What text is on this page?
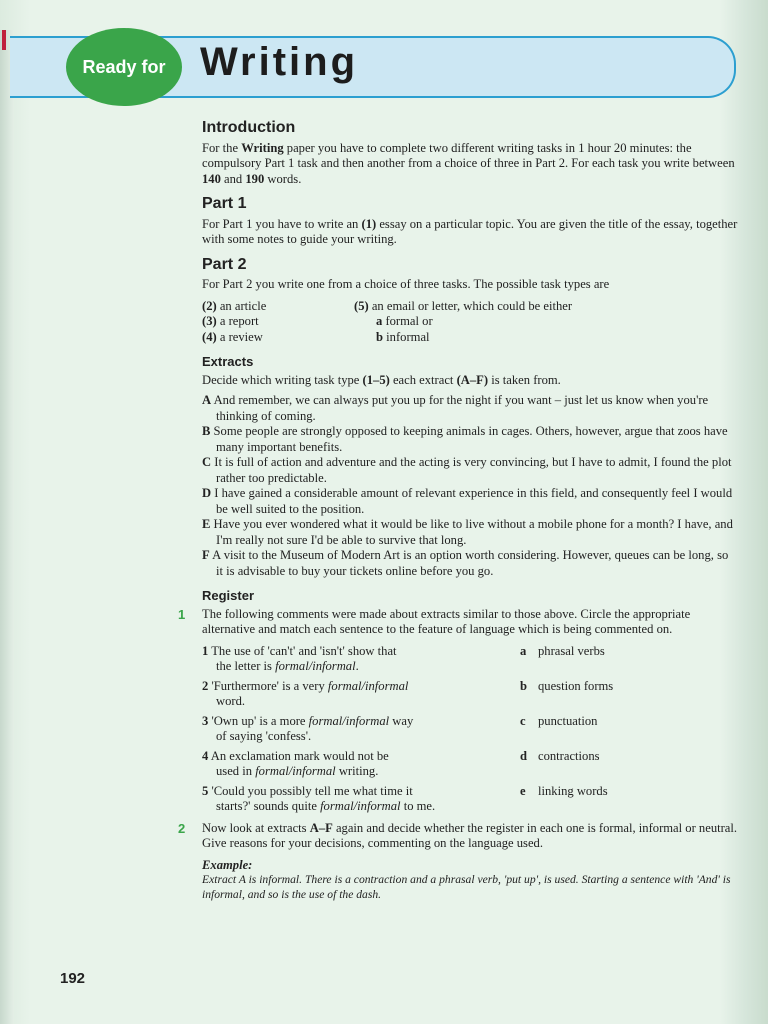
Ready for Writing
Introduction

For the Writing paper you have to complete two different writing tasks in 1 hour 20 minutes: the compulsory Part 1 task and then another from a choice of three in Part 2. For each task you write between 140 and 190 words.

Part 1

For Part 1 you have to write an (1) essay on a particular topic. You are given the title of the essay, together with some notes to guide your writing.

Part 2

For Part 2 you write one from a choice of three tasks. The possible task types are

(2) an article
(3) a report
(4) a review
(5) an email or letter, which could be either
a formal or
b informal
Extracts

Decide which writing task type (1–5) each extract (A–F) is taken from.

A And remember, we can always put you up for the night if you want – just let us know when you're thinking of coming.

B Some people are strongly opposed to keeping animals in cages. Others, however, argue that zoos have many important benefits.

C It is full of action and adventure and the acting is very convincing, but I have to admit, I found the plot rather too predictable.

D I have gained a considerable amount of relevant experience in this field, and consequently feel I would be well suited to the position.

E Have you ever wondered what it would be like to live without a mobile phone for a month? I have, and I'm really not sure I'd be able to survive that long.

F A visit to the Museum of Modern Art is an option worth considering. However, queues can be long, so it is advisable to buy your tickets online before you go.

Register
1 The following comments were made about extracts similar to those above. Circle the appropriate alternative and match each sentence to the feature of language which is being commented on.

1 The use of 'can't' and 'isn't' show that
the letter is formal/informal.
a phrasal verbs
2 'Furthermore' is a very formal/informal
word.
b question forms
3 'Own up' is a more formal/informal way
of saying 'confess'.
c punctuation
4 An exclamation mark would not be
used in formal/informal writing.
d contractions
5 'Could you possibly tell me what time it
starts?' sounds quite formal/informal to me.
e linking words
2 Now look at extracts A–F again and decide whether the register in each one is formal, informal or neutral. Give reasons for your decisions, commenting on the language used.

Example:
Extract A is informal. There is a contraction and a phrasal verb, 'put up', is used. Starting a sentence with 'And' is informal, and so is the use of the dash.
192
